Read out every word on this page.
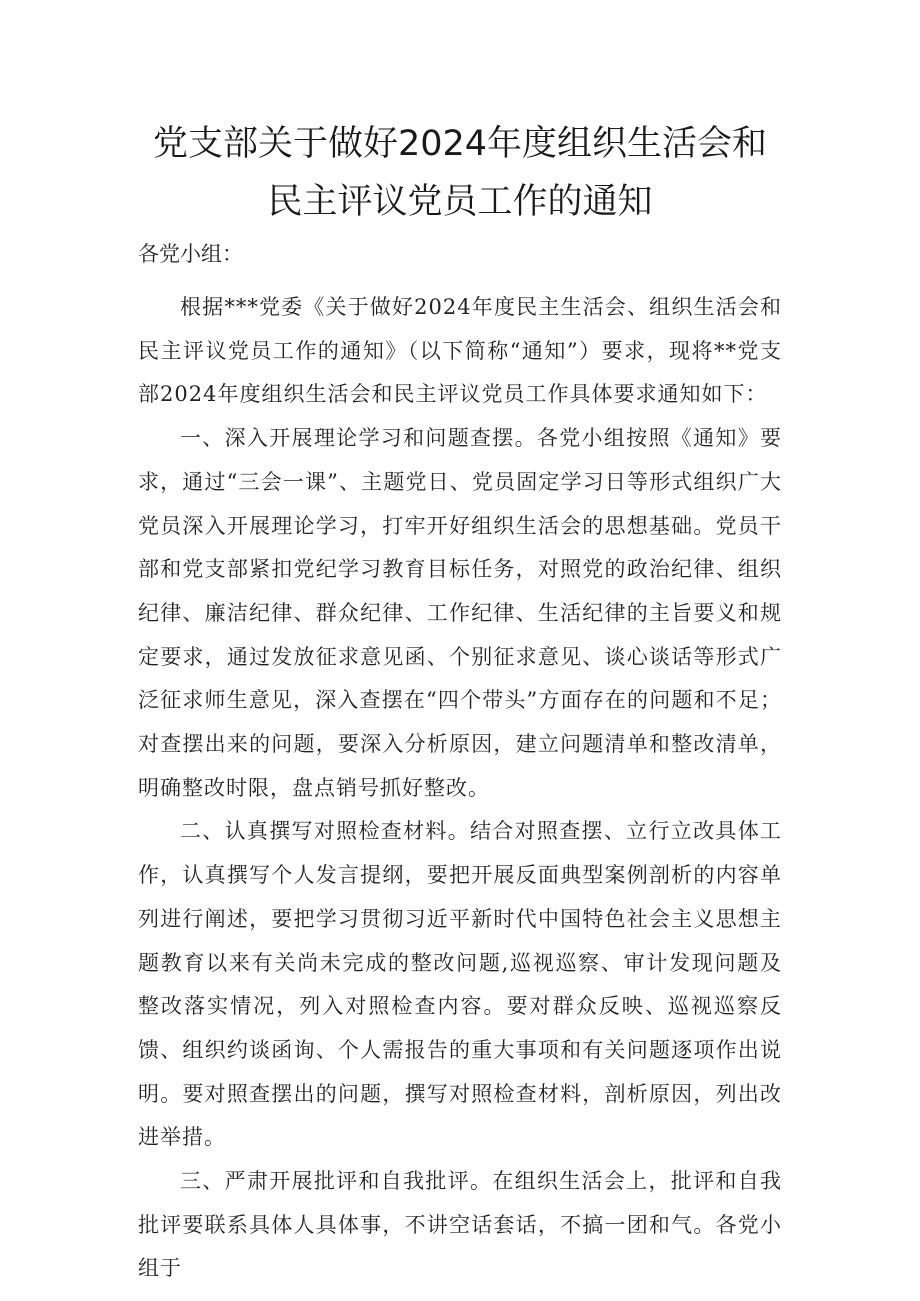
党支部关于做好2024年度组织生活会和
民主评议党员工作的通知
各党小组：

根据***党委《关于做好2024年度民主生活会、组织生活会和民主评议党员工作的通知》（以下简称“通知”）要求，现将**党支部2024年度组织生活会和民主评议党员工作具体要求通知如下：

一、深入开展理论学习和问题查摆。各党小组按照《通知》要求，通过“三会一课”、主题党日、党员固定学习日等形式组织广大党员深入开展理论学习，打牢开好组织生活会的思想基础。党员干部和党支部紧扣党纪学习教育目标任务，对照党的政治纪律、组织纪律、廉洁纪律、群众纪律、工作纪律、生活纪律的主旨要义和规定要求，通过发放征求意见函、个别征求意见、谈心谈话等形式广泛征求师生意见，深入查摆在“四个带头”方面存在的问题和不足；对查摆出来的问题，要深入分析原因，建立问题清单和整改清单，明确整改时限，盘点销号抓好整改。

二、认真撰写对照检查材料。结合对照查摆、立行立改具体工作，认真撰写个人发言提纲，要把开展反面典型案例剖析的内容单列进行阐述，要把学习贯彻习近平新时代中国特色社会主义思想主题教育以来有关尚未完成的整改问题,巡视巡察、审计发现问题及整改落实情况，列入对照检查内容。要对群众反映、巡视巡察反馈、组织约谈函询、个人需报告的重大事项和有关问题逐项作出说明。要对照查摆出的问题，撰写对照检查材料，剖析原因，列出改进举措。

三、严肃开展批评和自我批评。在组织生活会上，批评和自我批评要联系具体人具体事，不讲空话套话，不搞一团和气。各党小组于
